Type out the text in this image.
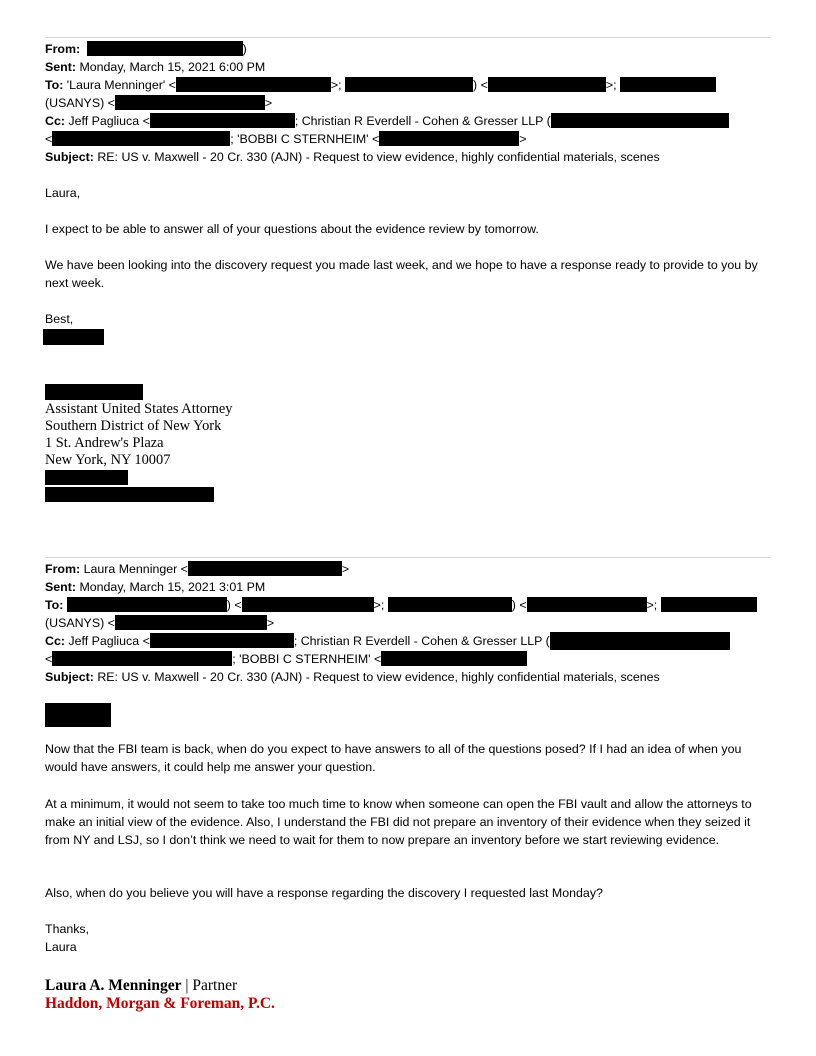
From:	)
Sent: Monday, March 15, 2021 6:00 PM
To: 'Laura Menninger' <	>;	) <	>;
(USANYS) <	>
Cc: Jeff Pagliuca <	; Christian R Everdell - Cohen & Gresser LLP (
<	; 'BOBBI C STERNHEIM' <	>
Subject: RE: US v. Maxwell - 20 Cr. 330 (AJN) - Request to view evidence, highly confidential materials, scenes
Laura,
I expect to be able to answer all of your questions about the evidence review by tomorrow.
We have been looking into the discovery request you made last week, and we hope to have a response ready to provide to you by next week.
Best,
Assistant United States Attorney
Southern District of New York
1 St. Andrew's Plaza
New York, NY 10007
From: Laura Menninger <	>
Sent: Monday, March 15, 2021 3:01 PM
To:	) <	>;	) <	>;
(USANYS) <	>
Cc: Jeff Pagliuca <	; Christian R Everdell - Cohen & Gresser LLP (
<	; 'BOBBI C STERNHEIM' <
Subject: RE: US v. Maxwell - 20 Cr. 330 (AJN) - Request to view evidence, highly confidential materials, scenes
Now that the FBI team is back, when do you expect to have answers to all of the questions posed? If I had an idea of when you would have answers, it could help me answer your question.
At a minimum, it would not seem to take too much time to know when someone can open the FBI vault and allow the attorneys to make an initial view of the evidence. Also, I understand the FBI did not prepare an inventory of their evidence when they seized it from NY and LSJ, so I don’t think we need to wait for them to now prepare an inventory before we start reviewing evidence.
Also, when do you believe you will have a response regarding the discovery I requested last Monday?
Thanks,
Laura
Laura A. Menninger | Partner
Haddon, Morgan & Foreman, P.C.
